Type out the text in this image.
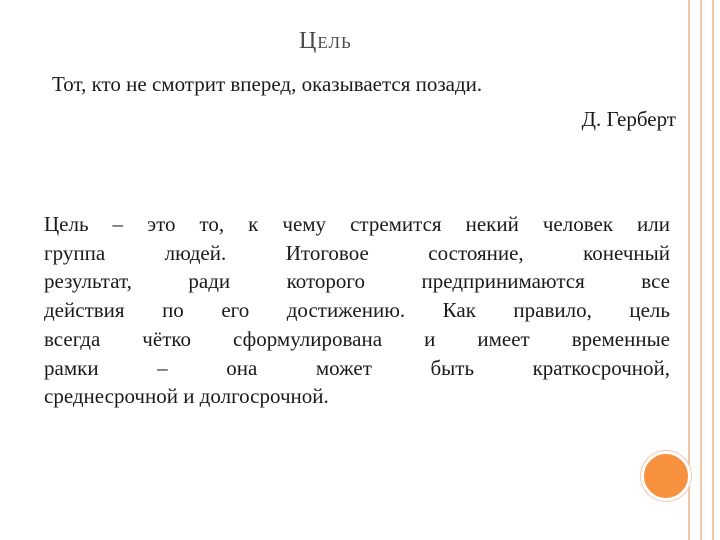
Цель
Тот, кто не смотрит вперед, оказывается позади.
Д. Герберт
Цель – это то, к чему стремится некий человек или
группа людей. Итоговое состояние, конечный
результат, ради которого предпринимаются все
действия по его достижению. Как правило, цель
всегда чётко сформулирована и имеет временные
рамки – она может быть краткосрочной,
среднесрочной и долгосрочной.
